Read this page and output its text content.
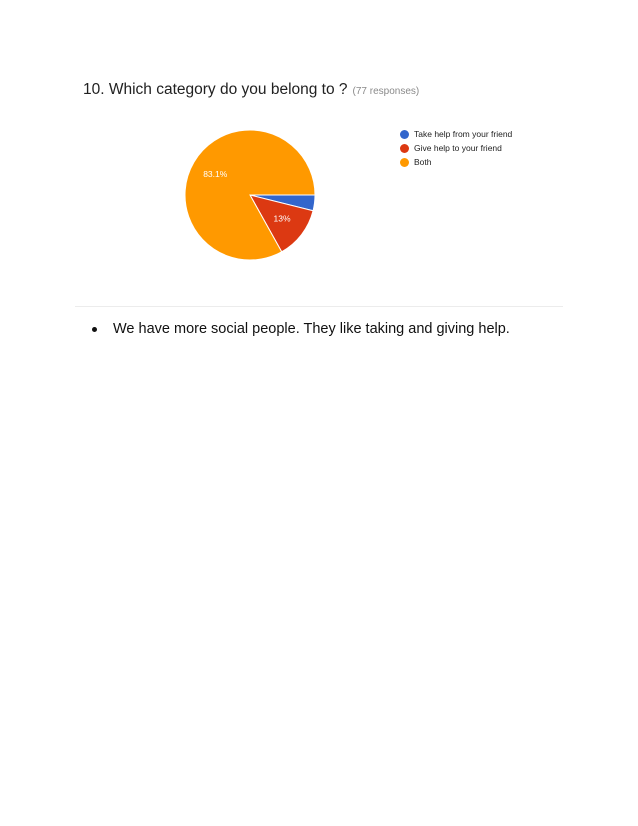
10. Which category do you belong to ? (77 responses)
13%
83.1%
Take help from your friend
Give help to your friend
Both
We have more social people. They like taking and giving help.
